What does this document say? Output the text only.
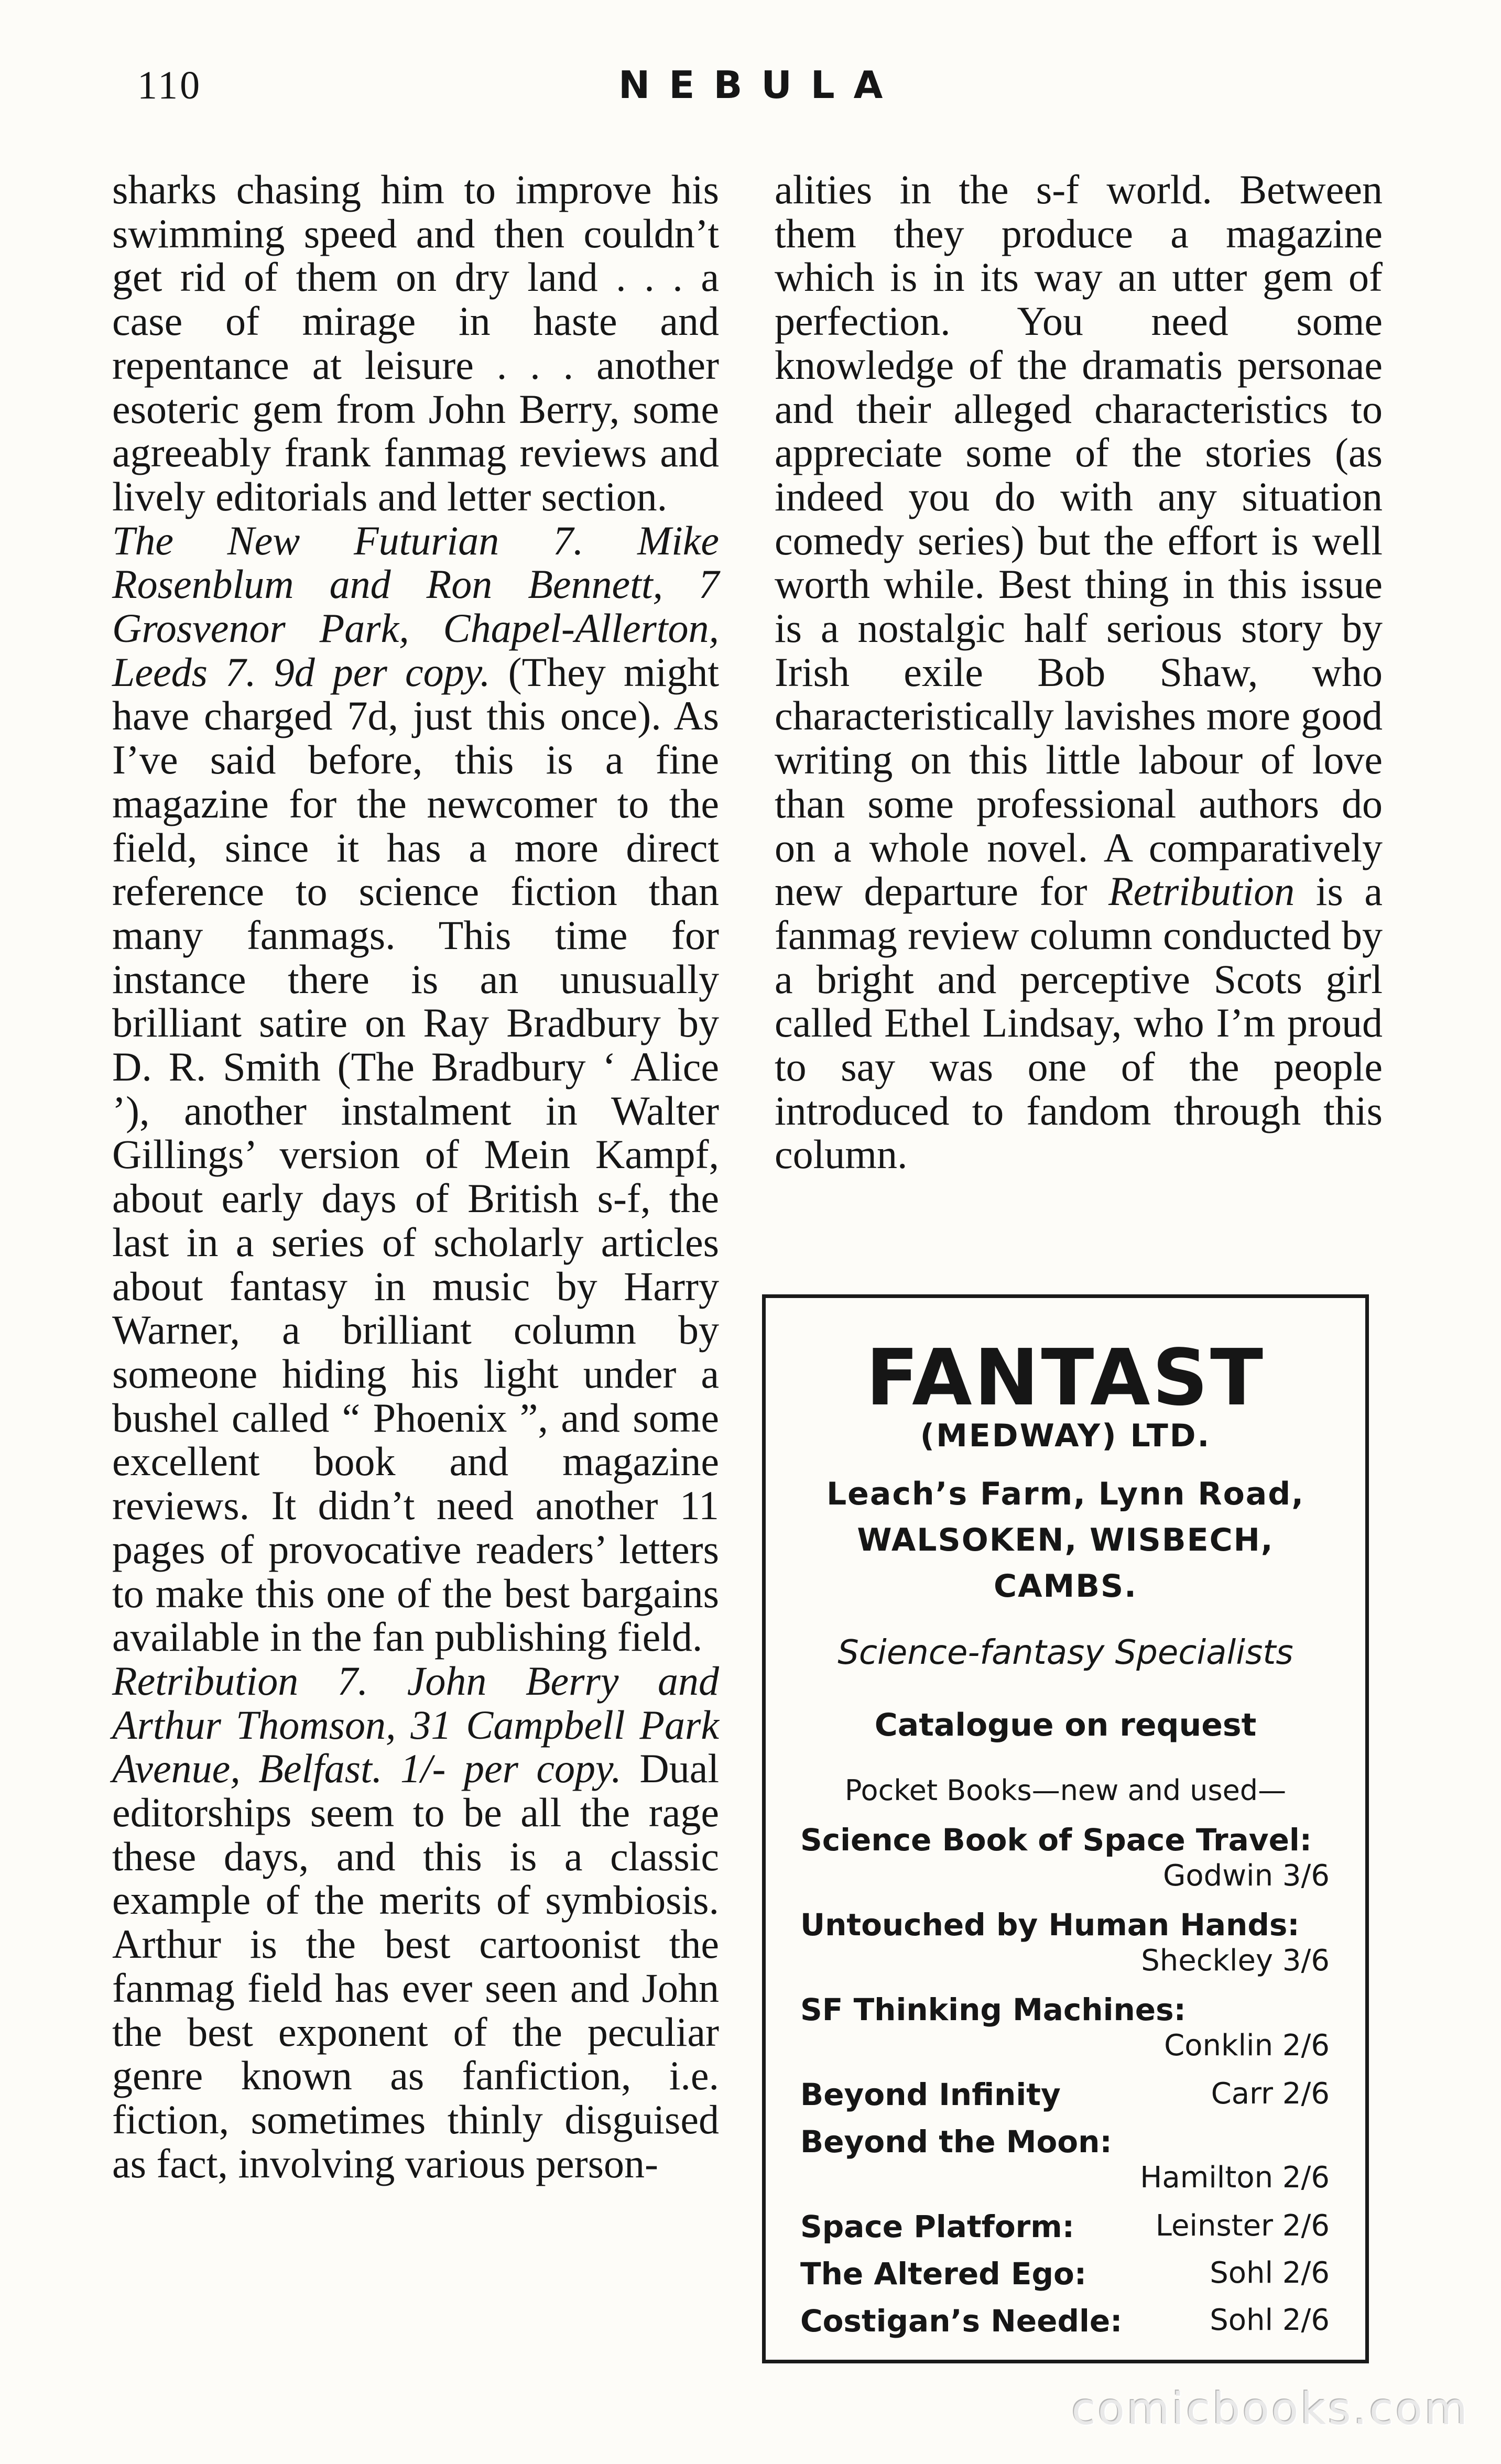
110	NEBULA

sharks chasing him to improve his swimming speed and then couldn’t get rid of them on dry land . . . a case of mirage in haste and repentance at leisure . . . another esoteric gem from John Berry, some agreeably frank fanmag reviews and lively editorials and letter section.

The New Futurian 7. Mike Rosenblum and Ron Bennett, 7 Grosvenor Park, Chapel-Allerton, Leeds 7. 9d per copy. (They might have charged 7d, just this once). As I’ve said before, this is a fine magazine for the newcomer to the field, since it has a more direct reference to science fiction than many fanmags. This time for instance there is an unusually brilliant satire on Ray Bradbury by D. R. Smith (The Bradbury ‘ Alice ’), another instalment in Walter Gillings’ version of Mein Kampf, about early days of British s-f, the last in a series of scholarly articles about fantasy in music by Harry Warner, a brilliant column by someone hiding his light under a bushel called “ Phoenix ”, and some excellent book and magazine reviews. It didn’t need another 11 pages of provocative readers’ letters to make this one of the best bargains available in the fan publishing field.

Retribution 7. John Berry and Arthur Thomson, 31 Campbell Park Avenue, Belfast. 1/- per copy. Dual editorships seem to be all the rage these days, and this is a classic example of the merits of symbiosis. Arthur is the best cartoonist the fanmag field has ever seen and John the best exponent of the peculiar genre known as fanfiction, i.e. fiction, sometimes thinly disguised as fact, involving various person-

alities in the s-f world. Between them they produce a magazine which is in its way an utter gem of perfection. You need some knowledge of the dramatis personae and their alleged characteristics to appreciate some of the stories (as indeed you do with any situation comedy series) but the effort is well worth while. Best thing in this issue is a nostalgic half serious story by Irish exile Bob Shaw, who characteristically lavishes more good writing on this little labour of love than some professional authors do on a whole novel. A comparatively new departure for Retribution is a fanmag review column conducted by a bright and perceptive Scots girl called Ethel Lindsay, who I’m proud to say was one of the people introduced to fandom through this column.

FANTAST
(MEDWAY) LTD.
Leach’s Farm, Lynn Road,
WALSOKEN, WISBECH,
CAMBS.
Science-fantasy Specialists
Catalogue on request
Pocket Books—new and used—
Science Book of Space Travel:
Godwin 3/6
Untouched by Human Hands:
Sheckley 3/6
SF Thinking Machines:
Conklin 2/6
Beyond Infinity	Carr 2/6
Beyond the Moon:
Hamilton 2/6
Space Platform:	Leinster 2/6
The Altered Ego:	Sohl 2/6
Costigan’s Needle:	Sohl 2/6
comicbooks.com
